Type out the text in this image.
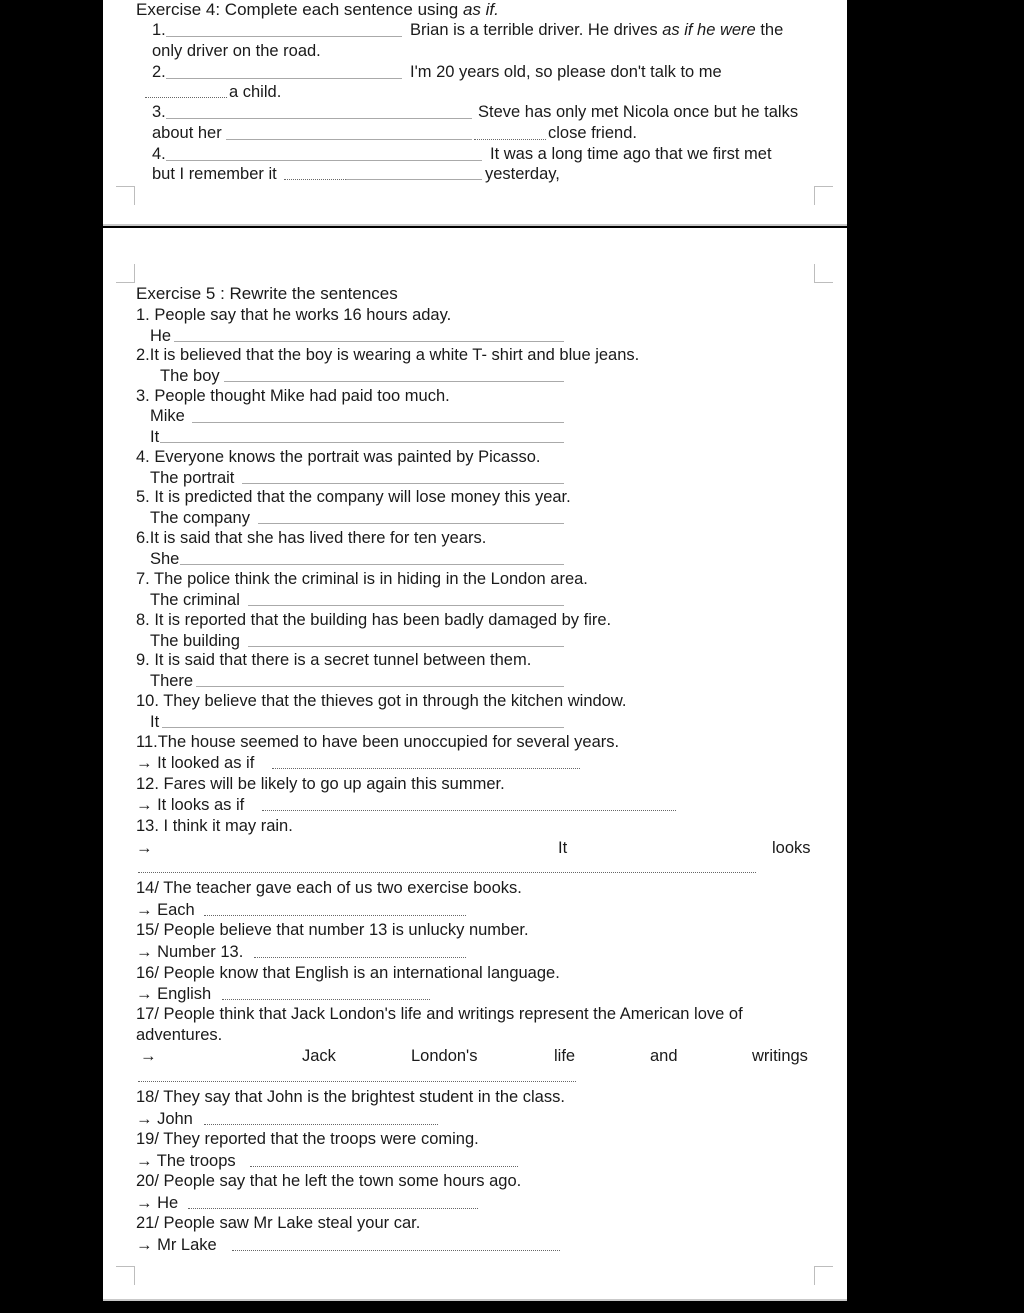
Exercise 4: Complete each sentence using as if.
1.	Brian is a terrible driver. He drives as if he were the
only driver on the road.
2.	I'm 20 years old, so please don't talk to me
a child.
3.	Steve has only met Nicola once but he talks
about her	close friend.
4.	It was a long time ago that we first met
but I remember it	yesterday,
Exercise 5 : Rewrite the sentences
1. People say that he works 16 hours aday.
He
2.It is believed that the boy is wearing a white T- shirt and blue jeans.
The boy
3. People thought Mike had paid too much.
Mike
It
4. Everyone knows the portrait was painted by Picasso.
The portrait
5. It is predicted that the company will lose money this year.
The company
6.It is said that she has lived there for ten years.
She
7. The police think the criminal is in hiding in the London area.
The criminal
8. It is reported that the building has been badly damaged by fire.
The building
9. It is said that there is a secret tunnel between them.
There
10. They believe that the thieves got in through the kitchen window.
It
11.The house seemed to have been unoccupied for several years.
→ It looked as if
12. Fares will be likely to go up again this summer.
→ It looks as if
13. I think it may rain.
→	It	looks
14/ The teacher gave each of us two exercise books.
→ Each
15/ People believe that number 13 is unlucky number.
→ Number 13.
16/ People know that English is an international language.
→ English
17/ People think that Jack London's life and writings represent the American love of
adventures.
→	Jack	London's	life	and	writings
18/ They say that John is the brightest student in the class.
→ John
19/ They reported that the troops were coming.
→ The troops
20/ People say that he left the town some hours ago.
→ He
21/ People saw Mr Lake steal your car.
→ Mr Lake
